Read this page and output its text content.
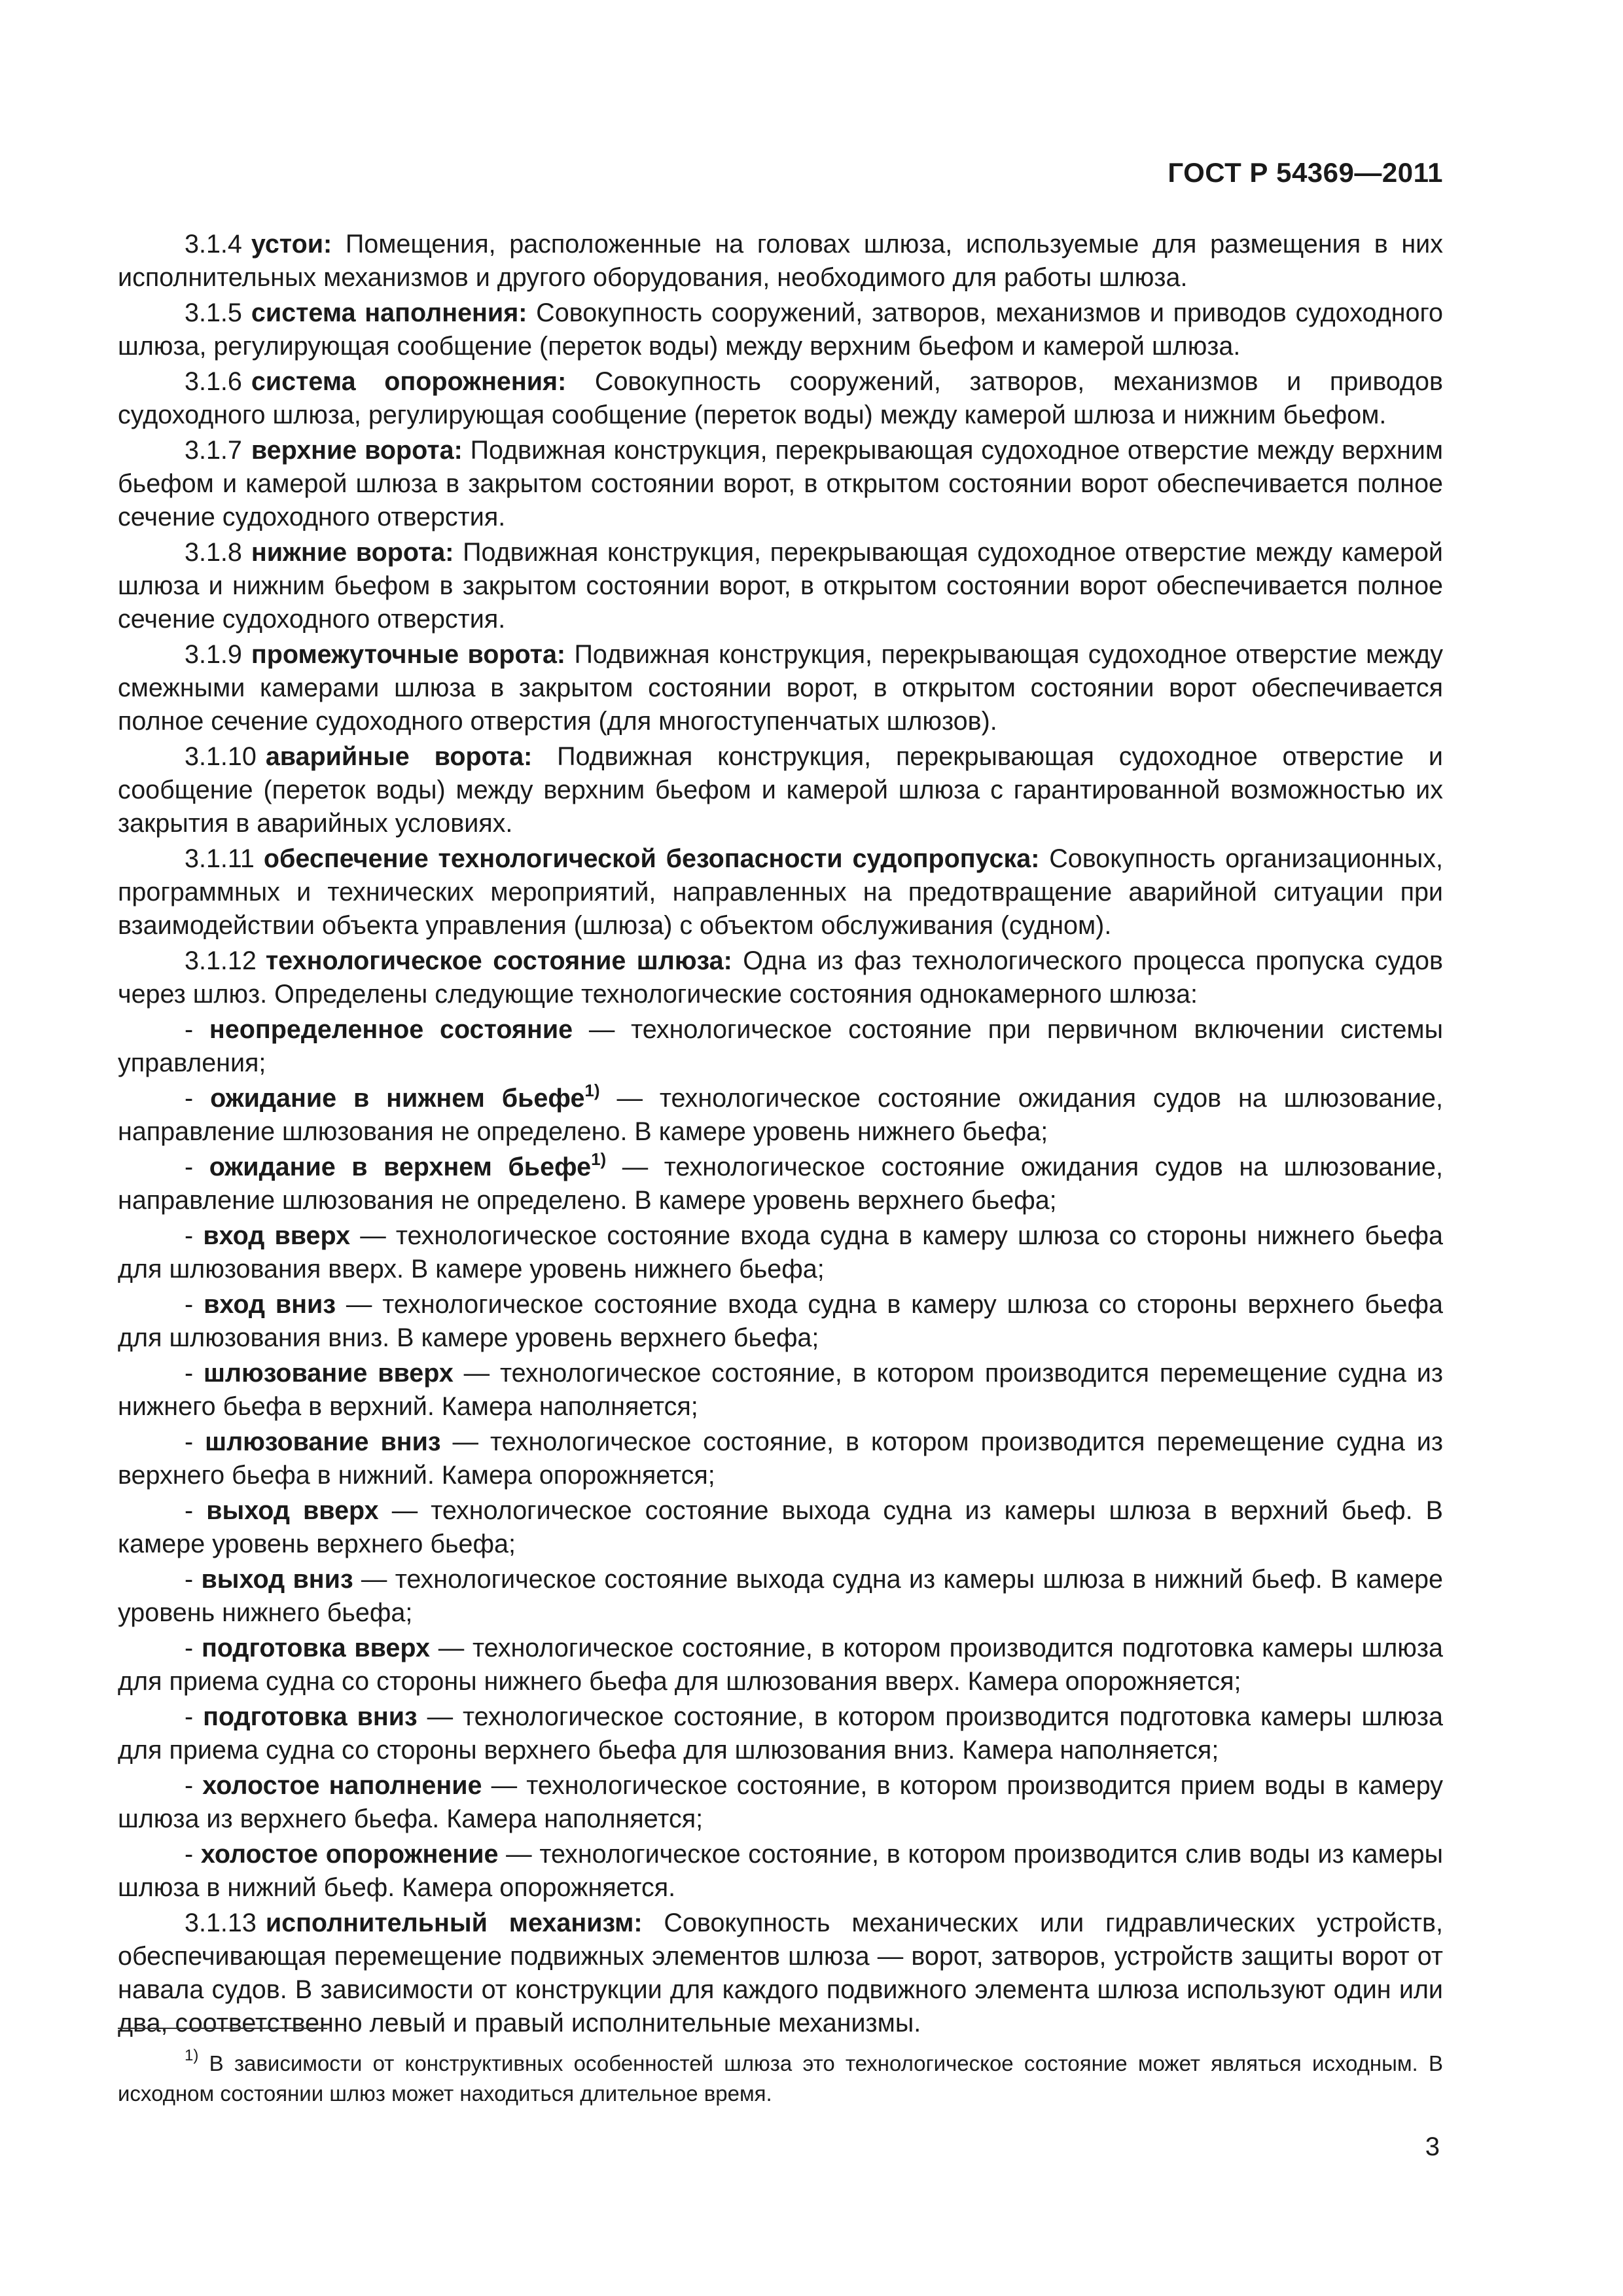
ГОСТ Р 54369—2011

3.1.4 устои: Помещения, расположенные на головах шлюза, используемые для размещения в них исполнительных механизмов и другого оборудования, необходимого для работы шлюза.

3.1.5 система наполнения: Совокупность сооружений, затворов, механизмов и приводов судоходного шлюза, регулирующая сообщение (переток воды) между верхним бьефом и камерой шлюза.

3.1.6 система опорожнения: Совокупность сооружений, затворов, механизмов и приводов судоходного шлюза, регулирующая сообщение (переток воды) между камерой шлюза и нижним бьефом.

3.1.7 верхние ворота: Подвижная конструкция, перекрывающая судоходное отверстие между верхним бьефом и камерой шлюза в закрытом состоянии ворот, в открытом состоянии ворот обеспечивается полное сечение судоходного отверстия.

3.1.8 нижние ворота: Подвижная конструкция, перекрывающая судоходное отверстие между камерой шлюза и нижним бьефом в закрытом состоянии ворот, в открытом состоянии ворот обеспечивается полное сечение судоходного отверстия.

3.1.9 промежуточные ворота: Подвижная конструкция, перекрывающая судоходное отверстие между смежными камерами шлюза в закрытом состоянии ворот, в открытом состоянии ворот обеспечивается полное сечение судоходного отверстия (для многоступенчатых шлюзов).

3.1.10 аварийные ворота: Подвижная конструкция, перекрывающая судоходное отверстие и сообщение (переток воды) между верхним бьефом и камерой шлюза с гарантированной возможностью их закрытия в аварийных условиях.

3.1.11 обеспечение технологической безопасности судопропуска: Совокупность организационных, программных и технических мероприятий, направленных на предотвращение аварийной ситуации при взаимодействии объекта управления (шлюза) с объектом обслуживания (судном).

3.1.12 технологическое состояние шлюза: Одна из фаз технологического процесса пропуска судов через шлюз. Определены следующие технологические состояния однокамерного шлюза:

- неопределенное состояние — технологическое состояние при первичном включении системы управления;

- ожидание в нижнем бьефе$^{1)}$ — технологическое состояние ожидания судов на шлюзование, направление шлюзования не определено. В камере уровень нижнего бьефа;

- ожидание в верхнем бьефе$^{1)}$ — технологическое состояние ожидания судов на шлюзование, направление шлюзования не определено. В камере уровень верхнего бьефа;

- вход вверх — технологическое состояние входа судна в камеру шлюза со стороны нижнего бьефа для шлюзования вверх. В камере уровень нижнего бьефа;

- вход вниз — технологическое состояние входа судна в камеру шлюза со стороны верхнего бьефа для шлюзования вниз. В камере уровень верхнего бьефа;

- шлюзование вверх — технологическое состояние, в котором производится перемещение судна из нижнего бьефа в верхний. Камера наполняется;

- шлюзование вниз — технологическое состояние, в котором производится перемещение судна из верхнего бьефа в нижний. Камера опорожняется;

- выход вверх — технологическое состояние выхода судна из камеры шлюза в верхний бьеф. В камере уровень верхнего бьефа;

- выход вниз — технологическое состояние выхода судна из камеры шлюза в нижний бьеф. В камере уровень нижнего бьефа;

- подготовка вверх — технологическое состояние, в котором производится подготовка камеры шлюза для приема судна со стороны нижнего бьефа для шлюзования вверх. Камера опорожняется;

- подготовка вниз — технологическое состояние, в котором производится подготовка камеры шлюза для приема судна со стороны верхнего бьефа для шлюзования вниз. Камера наполняется;

- холостое наполнение — технологическое состояние, в котором производится прием воды в камеру шлюза из верхнего бьефа. Камера наполняется;

- холостое опорожнение — технологическое состояние, в котором производится слив воды из камеры шлюза в нижний бьеф. Камера опорожняется.

3.1.13 исполнительный механизм: Совокупность механических или гидравлических устройств, обеспечивающая перемещение подвижных элементов шлюза — ворот, затворов, устройств защиты ворот от навала судов. В зависимости от конструкции для каждого подвижного элемента шлюза используют один или два, соответственно левый и правый исполнительные механизмы.

$^{1)}$ В зависимости от конструктивных особенностей шлюза это технологическое состояние может являться исходным. В исходном состоянии шлюз может находиться длительное время.
3
